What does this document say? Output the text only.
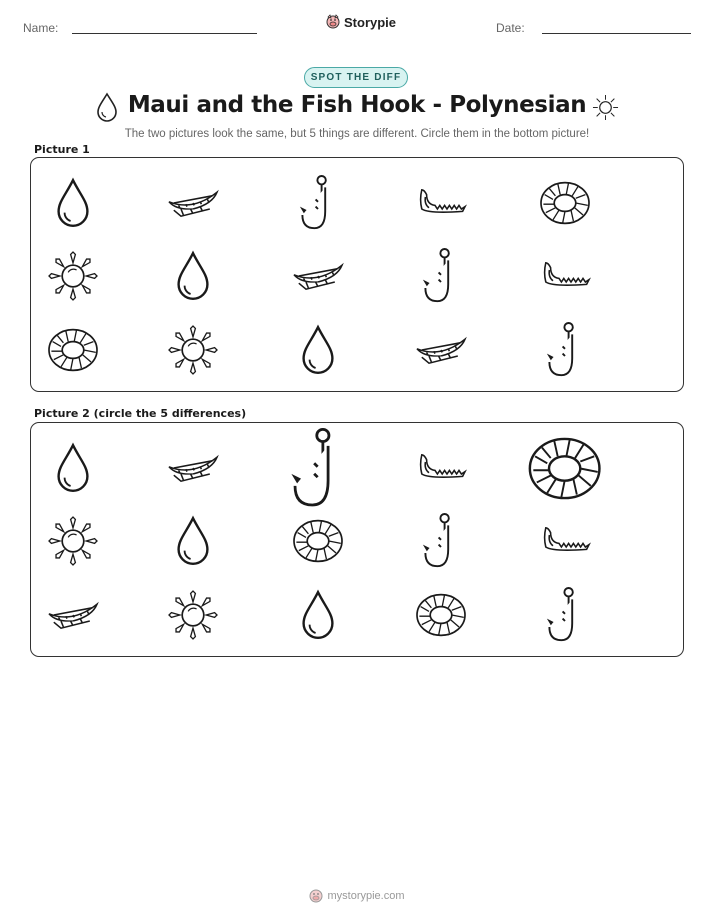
Name:	Storypie	Date:
SPOT THE DIFF
Maui and the Fish Hook - Polynesian
The two pictures look the same, but 5 things are different. Circle them in the bottom picture!
Picture 1
Picture 2 (circle the 5 differences)
mystorypie.com
